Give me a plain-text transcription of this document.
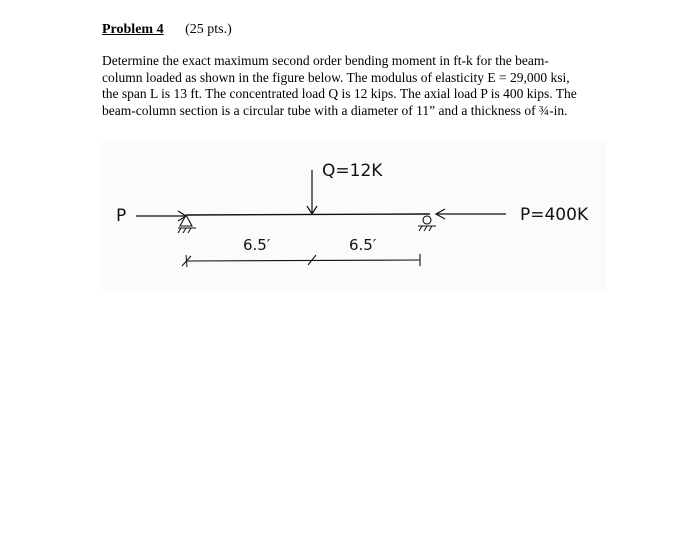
Problem 4 (25 pts.)
Determine the exact maximum second order bending moment in ft-k for the beam-
column loaded as shown in the figure below. The modulus of elasticity E = 29,000 ksi,
the span L is 13 ft. The concentrated load Q is 12 kips. The axial load P is 400 kips. The
beam-column section is a circular tube with a diameter of 11” and a thickness of ¾-in.
P
Q=12K
P=400K
6.5′	6.5′
